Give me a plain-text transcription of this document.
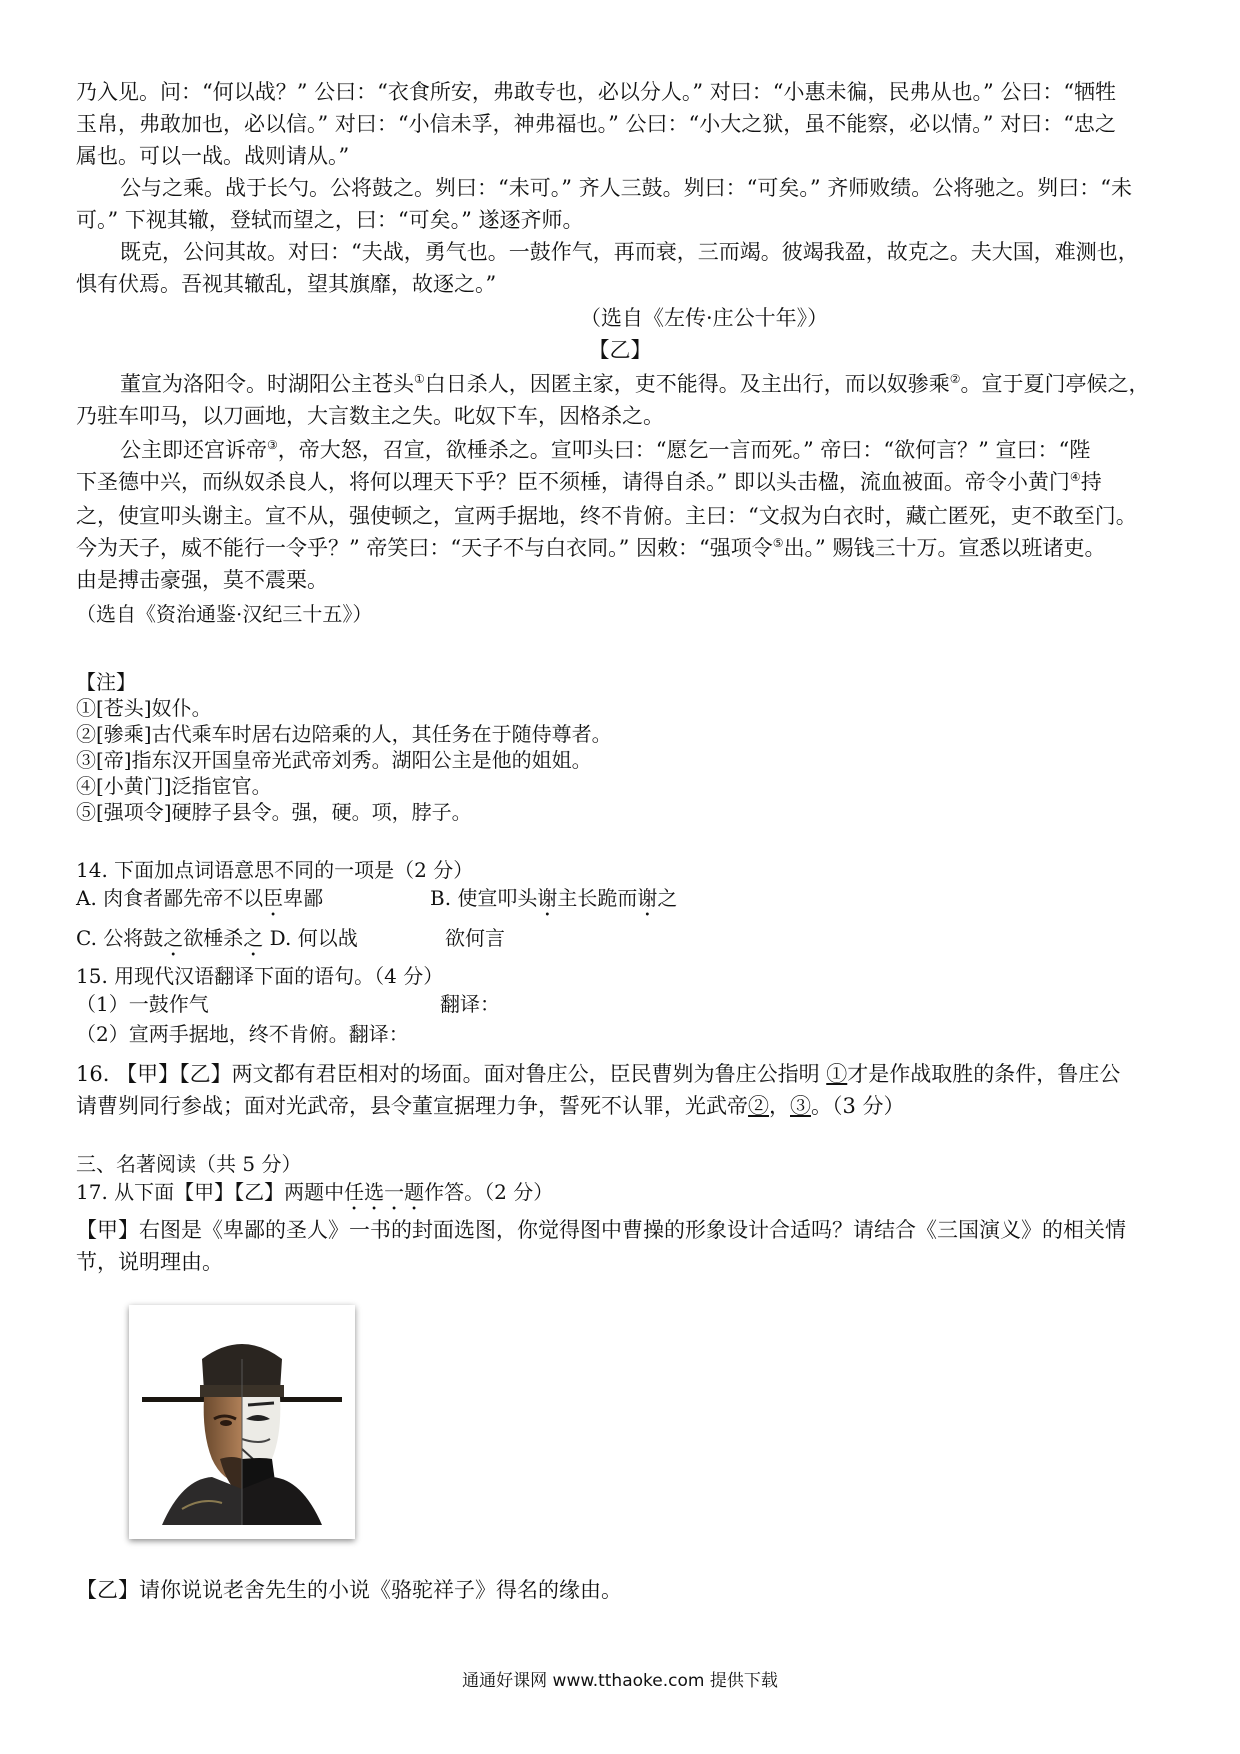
乃入见。问：“何以战？” 公曰：“衣食所安，弗敢专也，必以分人。” 对曰：“小惠未徧，民弗从也。” 公曰：“牺牲
玉帛，弗敢加也，必以信。” 对曰：“小信未孚，神弗福也。” 公曰：“小大之狱，虽不能察，必以情。” 对曰：“忠之
属也。可以一战。战则请从。”
公与之乘。战于长勺。公将鼓之。刿曰：“未可。” 齐人三鼓。刿曰：“可矣。” 齐师败绩。公将驰之。刿曰：“未
可。” 下视其辙，登轼而望之，曰：“可矣。” 遂逐齐师。
既克，公问其故。对曰：“夫战，勇气也。一鼓作气，再而衰，三而竭。彼竭我盈，故克之。夫大国，难测也，
惧有伏焉。吾视其辙乱，望其旗靡，故逐之。”
（选自《左传·庄公十年》）
【乙】
董宣为洛阳令。时湖阳公主苍头①白日杀人，因匿主家，吏不能得。及主出行，而以奴骖乘②。宣于夏门亭候之，
乃驻车叩马，以刀画地，大言数主之失。叱奴下车，因格杀之。
公主即还宫诉帝③，帝大怒，召宣，欲棰杀之。宣叩头曰：“愿乞一言而死。” 帝曰：“欲何言？” 宣曰：“陛
下圣德中兴，而纵奴杀良人，将何以理天下乎？臣不须棰，请得自杀。” 即以头击楹，流血被面。帝令小黄门④持
之，使宣叩头谢主。宣不从，强使顿之，宣两手据地，终不肯俯。主曰：“文叔为白衣时，藏亡匿死，吏不敢至门。
今为天子，威不能行一令乎？” 帝笑曰：“天子不与白衣同。” 因敕：“强项令⑤出。” 赐钱三十万。宣悉以班诸吏。
由是搏击豪强，莫不震栗。
（选自《资治通鉴·汉纪三十五》）
【注】
①[苍头]奴仆。
②[骖乘]古代乘车时居右边陪乘的人，其任务在于随侍尊者。
③[帝]指东汉开国皇帝光武帝刘秀。湖阳公主是他的姐姐。
④[小黄门]泛指宦官。
⑤[强项令]硬脖子县令。强，硬。项，脖子。
14. 下面加点词语意思不同的一项是（2 分）
A. 肉食者鄙先帝不以臣卑鄙	B. 使宣叩头谢主长跪而谢之
C. 公将鼓之欲棰杀之 D. 何以战	欲何言
15. 用现代汉语翻译下面的语句。（4 分）
（1）一鼓作气	翻译：
（2）宣两手据地，终不肯俯。翻译：
16. 【甲】【乙】两文都有君臣相对的场面。面对鲁庄公，臣民曹刿为鲁庄公指明 ①才是作战取胜的条件，鲁庄公
请曹刿同行参战；面对光武帝，县令董宣据理力争，誓死不认罪，光武帝②，③。（3 分）
三、名著阅读（共 5 分）
17. 从下面【甲】【乙】两题中任选一题作答。（2 分）
【甲】右图是《卑鄙的圣人》一书的封面选图，你觉得图中曹操的形象设计合适吗？请结合《三国演义》的相关情
节，说明理由。
【乙】请你说说老舍先生的小说《骆驼祥子》得名的缘由。
通通好课网 www.tthaoke.com 提供下载
